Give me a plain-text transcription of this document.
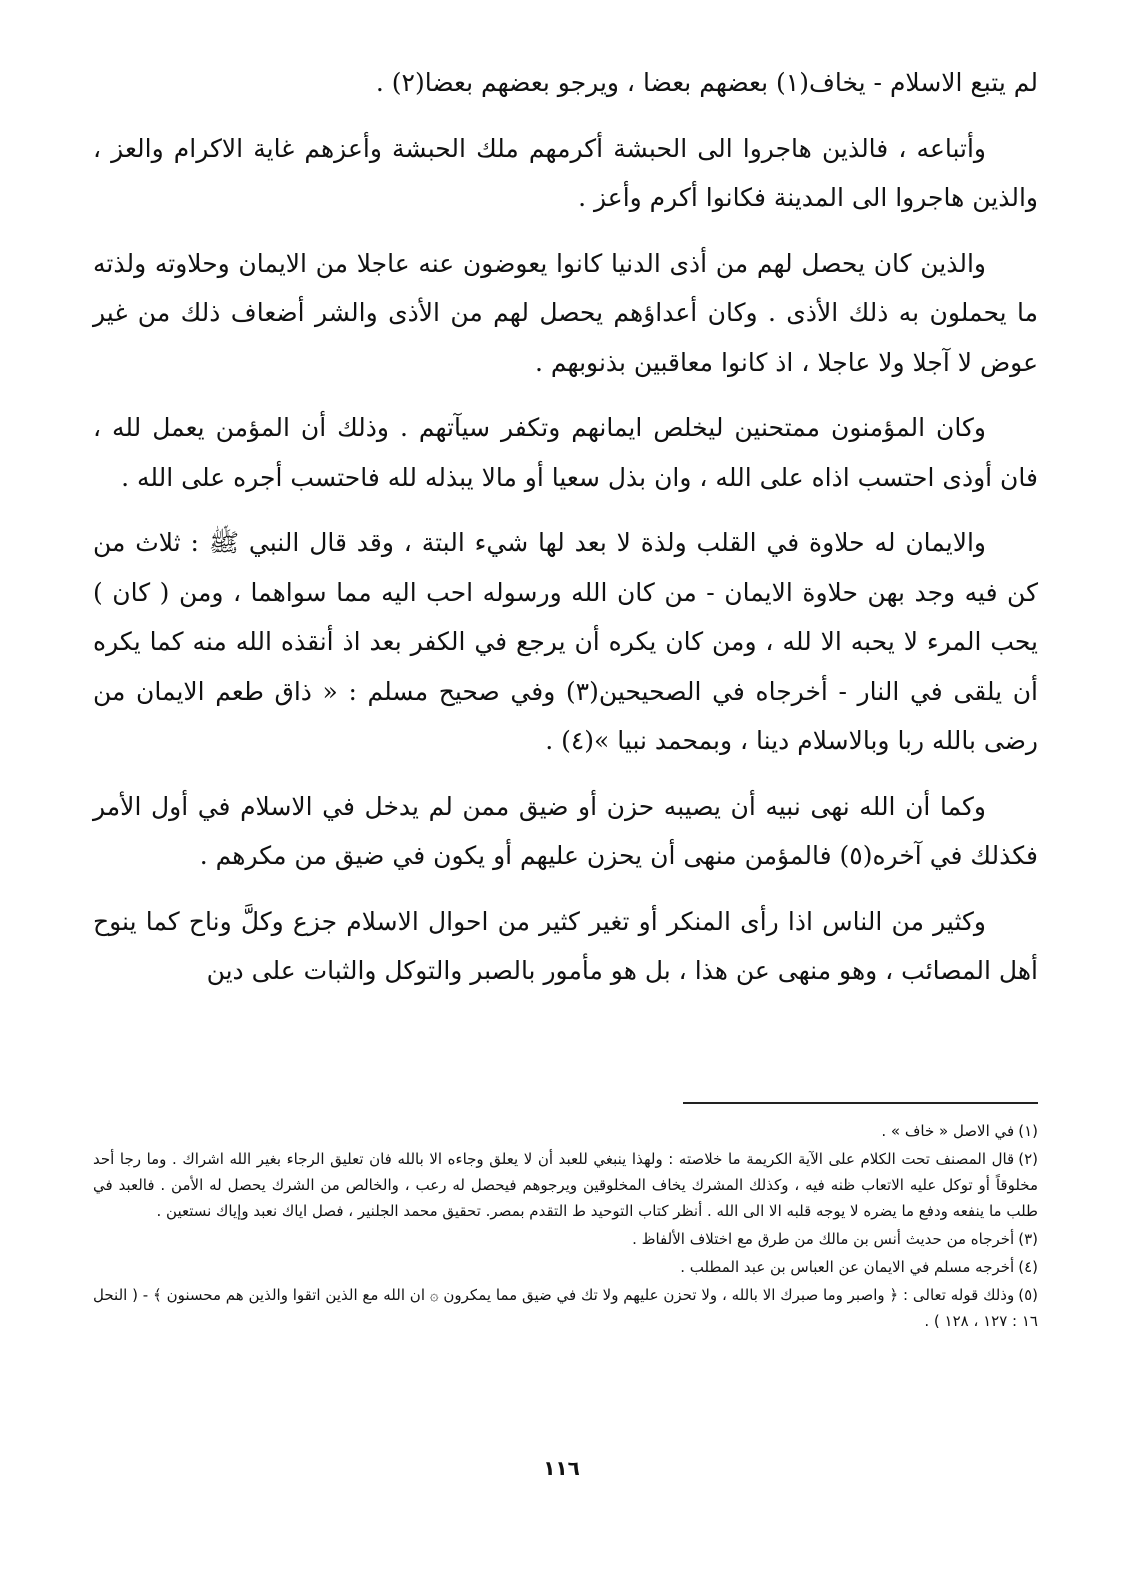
لم يتبع الاسلام - يخاف(١) بعضهم بعضا ، ويرجو بعضهم بعضا(٢) .

وأتباعه ، فالذين هاجروا الى الحبشة أكرمهم ملك الحبشة وأعزهم غاية الاكرام والعز ، والذين هاجروا الى المدينة فكانوا أكرم وأعز .

والذين كان يحصل لهم من أذى الدنيا كانوا يعوضون عنه عاجلا من الايمان وحلاوته ولذته ما يحملون به ذلك الأذى . وكان أعداؤهم يحصل لهم من الأذى والشر أضعاف ذلك من غير عوض لا آجلا ولا عاجلا ، اذ كانوا معاقبين بذنوبهم .

وكان المؤمنون ممتحنين ليخلص ايمانهم وتكفر سيآتهم . وذلك أن المؤمن يعمل لله ، فان أوذى احتسب اذاه على الله ، وان بذل سعيا أو مالا يبذله لله فاحتسب أجره على الله .

والايمان له حلاوة في القلب ولذة لا بعد لها شيء البتة ، وقد قال النبي ﷺ : ثلاث من كن فيه وجد بهن حلاوة الايمان - من كان الله ورسوله احب اليه مما سواهما ، ومن ( كان ) يحب المرء لا يحبه الا لله ، ومن كان يكره أن يرجع في الكفر بعد اذ أنقذه الله منه كما يكره أن يلقى في النار - أخرجاه في الصحيحين(٣) وفي صحيح مسلم : « ذاق طعم الايمان من رضى بالله ربا وبالاسلام دينا ، وبمحمد نبيا »(٤) .

وكما أن الله نهى نبيه أن يصيبه حزن أو ضيق ممن لم يدخل في الاسلام في أول الأمر فكذلك في آخره(٥) فالمؤمن منهى أن يحزن عليهم أو يكون في ضيق من مكرهم .

وكثير من الناس اذا رأى المنكر أو تغير كثير من احوال الاسلام جزع وكلَّ وناح كما ينوح أهل المصائب ، وهو منهى عن هذا ، بل هو مأمور بالصبر والتوكل والثبات على دين

(١)في الاصل « خاف » .

(٢)قال المصنف تحت الكلام على الآية الكريمة ما خلاصته : ولهذا ينبغي للعبد أن لا يعلق وجاءه الا بالله فان تعليق الرجاء بغير الله اشراك . وما رجا أحد مخلوقاً أو توكل عليه الاتعاب ظنه فيه ، وكذلك المشرك يخاف المخلوقين ويرجوهم فيحصل له رعب ، والخالص من الشرك يحصل له الأمن . فالعبد في طلب ما ينفعه ودفع ما يضره لا يوجه قلبه الا الى الله . أنظر كتاب التوحيد ط التقدم بمصر. تحقيق محمد الجلنير ، فصل اياك نعبد وإياك نستعين .

(٣)أخرجاه من حديث أنس بن مالك من طرق مع اختلاف الألفاظ .

(٤)أخرجه مسلم في الايمان عن العباس بن عبد المطلب .

(٥)وذلك قوله تعالى : ﴿ واصبر وما صبرك الا بالله ، ولا تحزن عليهم ولا تك في ضيق مما يمكرون ۞ ان الله مع الذين اتقوا والذين هم محسنون ﴾ - ( النحل ١٦ : ١٢٧ ، ١٢٨ ) .

١١٦
